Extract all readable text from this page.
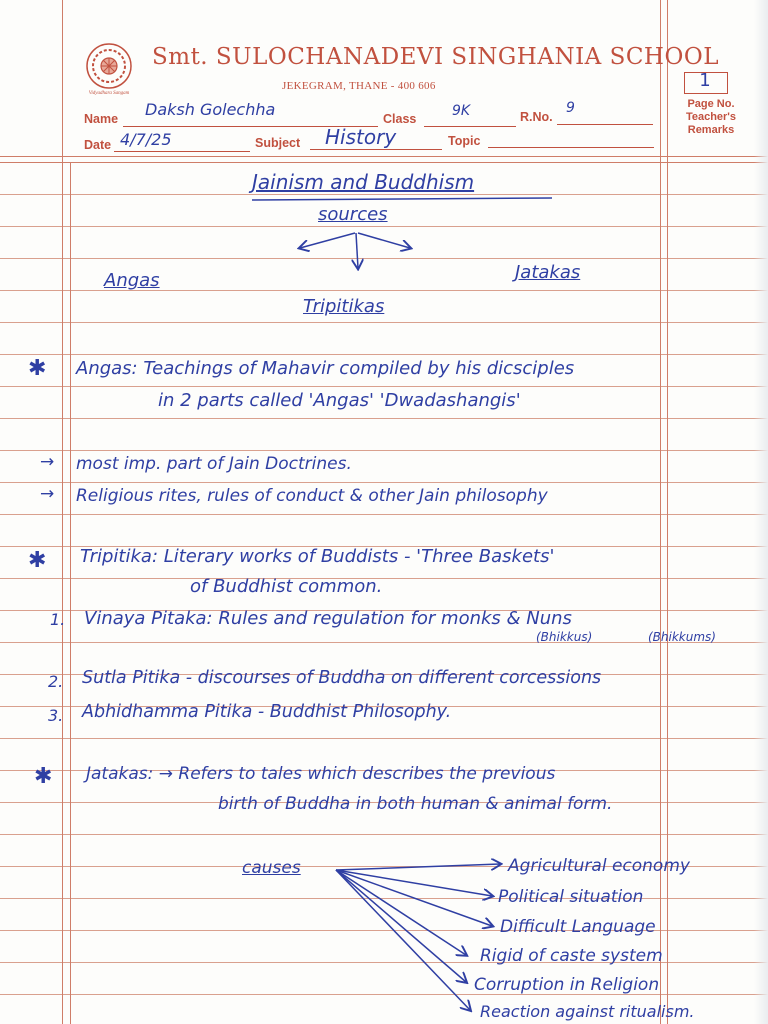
Vidyadhara Sangam
Smt. SULOCHANADEVI SINGHANIA SCHOOL
JEKEGRAM, THANE - 400 606
Name Daksh Golechha	Class	9K	R.No.
9
Date 4/7/25	Subject History	Topic
1
Page No.
Teacher's Remarks
Jainism and Buddhism
sources
Angas	Jatakas
Tripitikas
✱ Angas: Teachings of Mahavir compiled by his dicsciples
in 2 parts called 'Angas' 'Dwadashangis'
→ most imp. part of Jain Doctrines.
→ Religious rites, rules of conduct & other Jain philosophy
✱ Tripitika: Literary works of Buddists - 'Three Baskets'
of Buddhist common.
1. Vinaya Pitaka: Rules and regulation for monks & Nuns
(Bhikkus)	(Bhikkums)
2. Sutla Pitika - discourses of Buddha on different corcessions
3. Abhidhamma Pitika - Buddhist Philosophy.
✱ Jatakas: → Refers to tales which describes the previous
birth of Buddha in both human & animal form.
causes	Agricultural economy
Political situation
Difficult Language
Rigid of caste system
Corruption in Religion
Reaction against ritualism.
